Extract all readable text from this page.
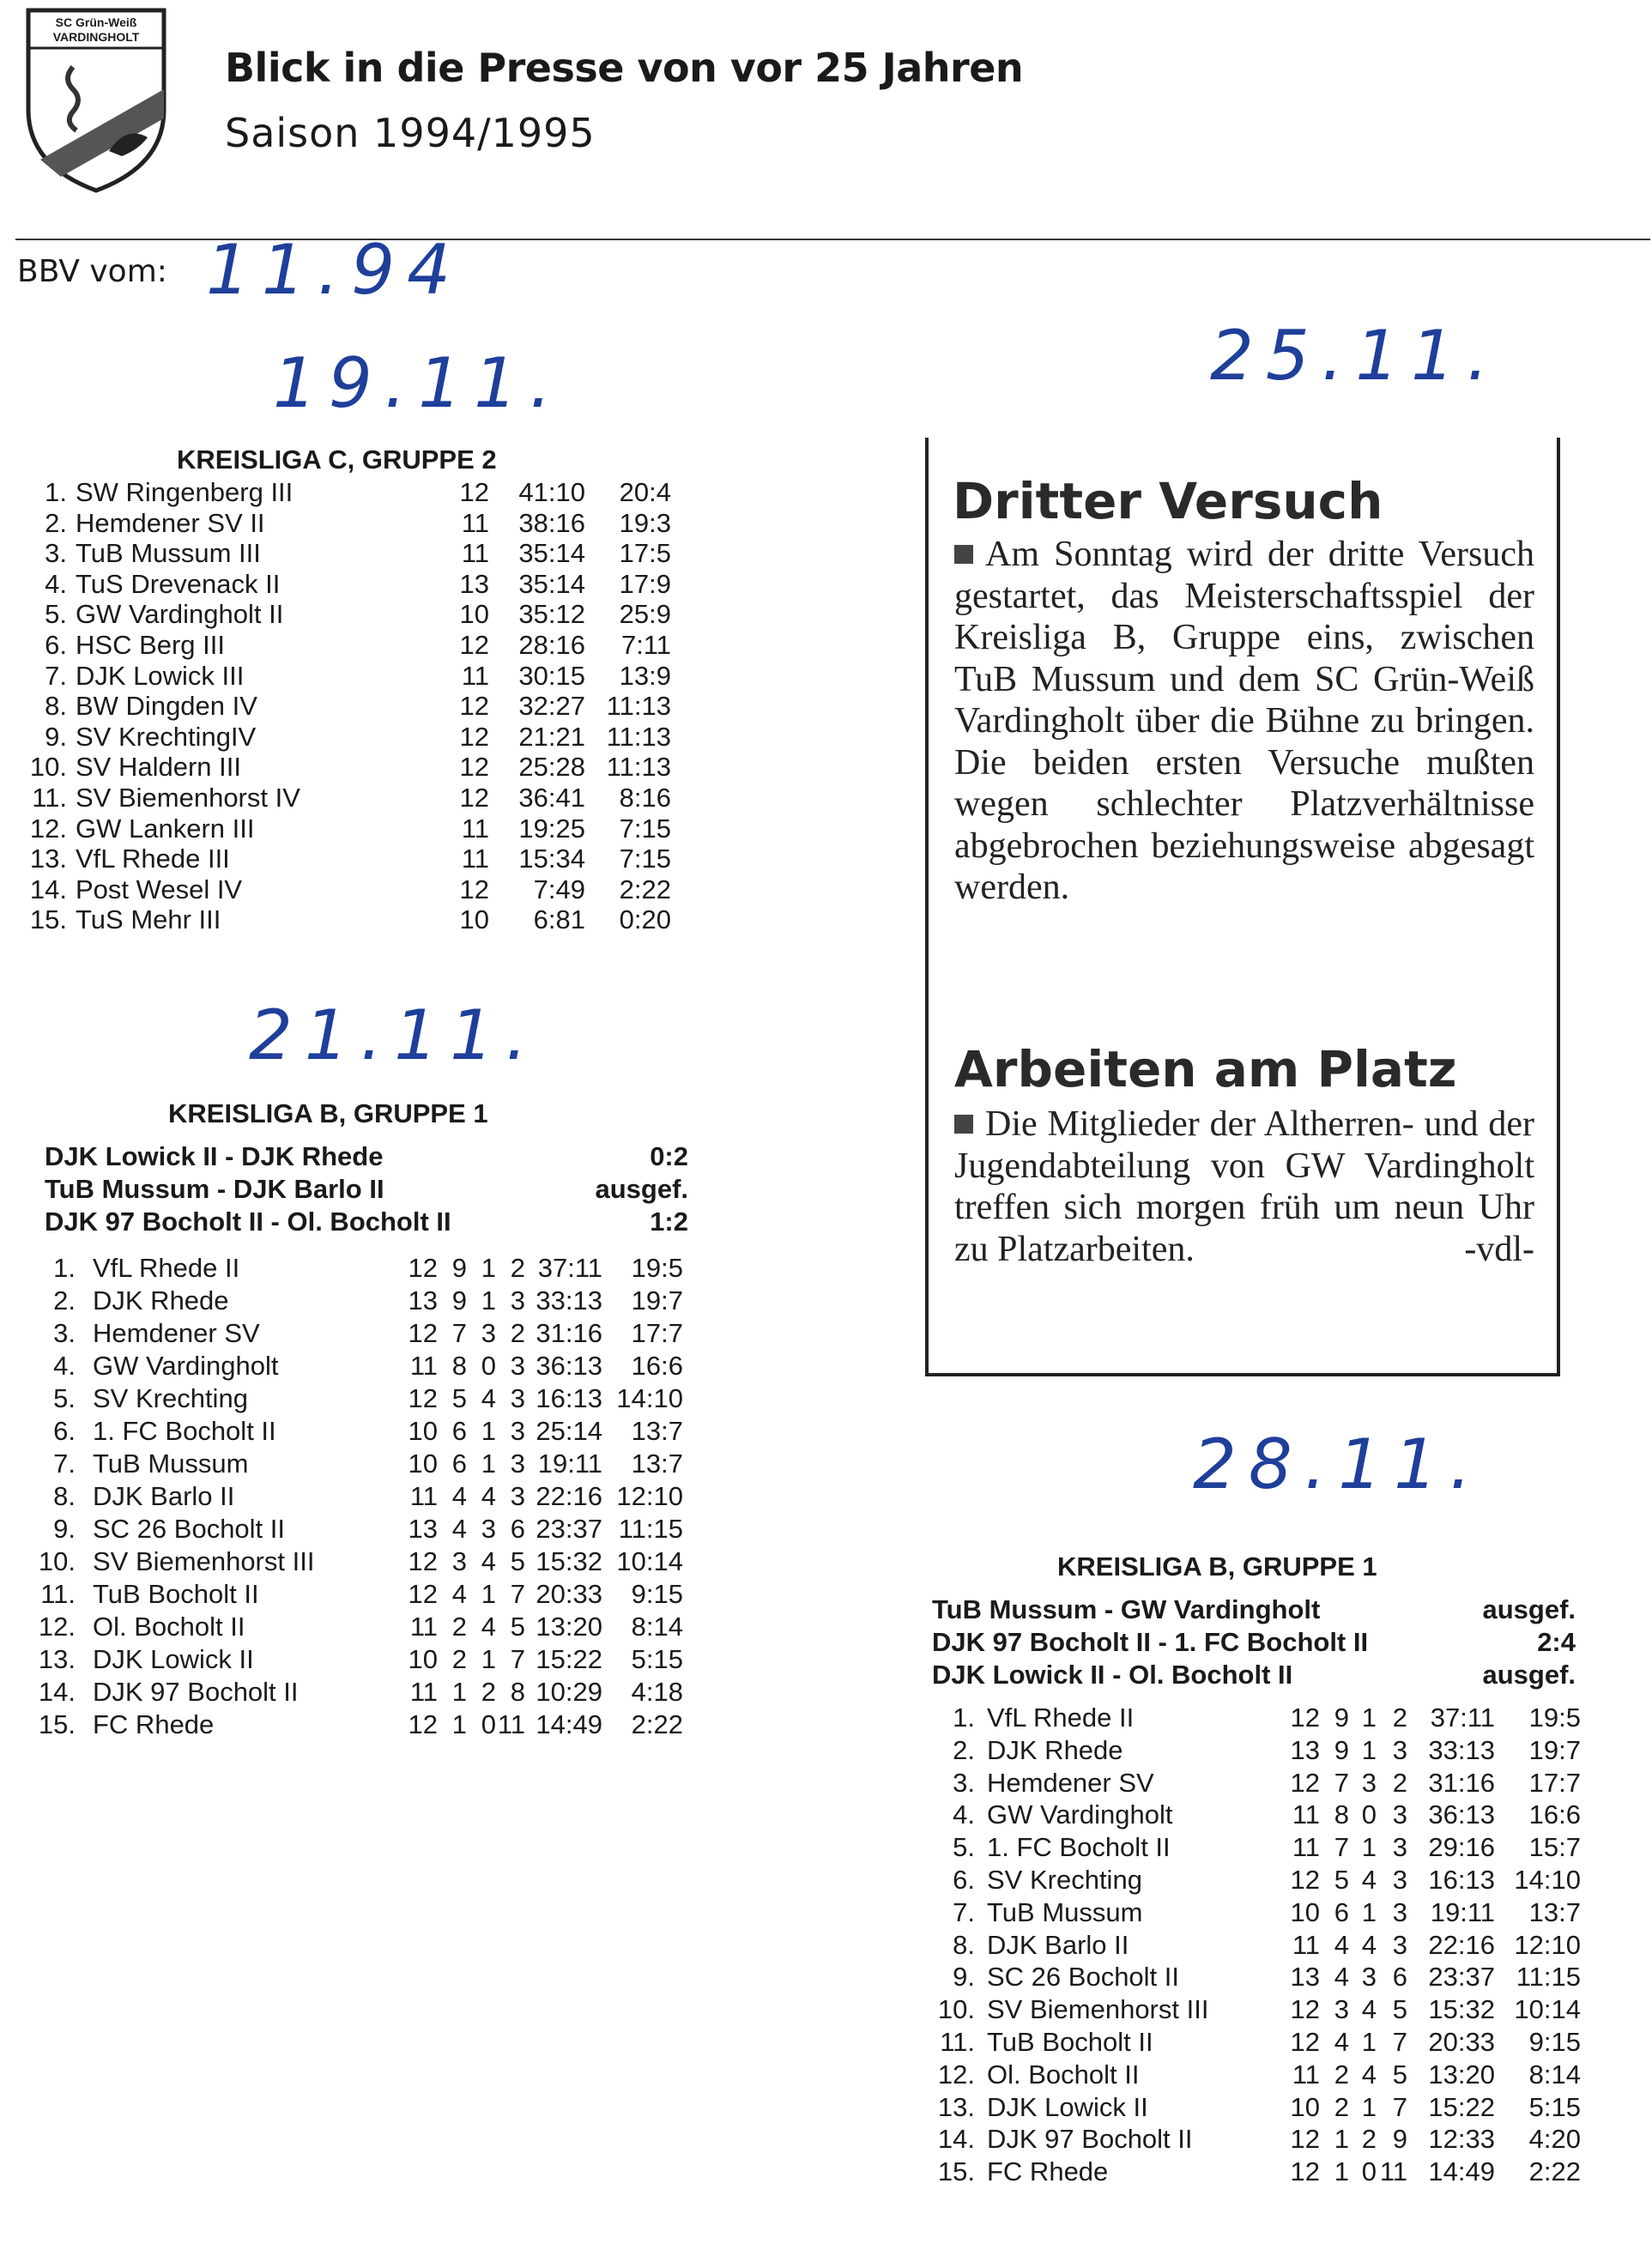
SC Grün-Weiß
VARDINGHOLT
Blick in die Presse von vor 25 Jahren
Saison 1994/1995
BBV vom: 11.94
19.11.	25.11.
21.11.
28.11.
KREISLIGA C, GRUPPE 2
1. SW Ringenberg III	12 41:10 20:4
2. Hemdener SV II	11 38:16 19:3
3. TuB Mussum III	11 35:14 17:5
4. TuS Drevenack II	13 35:14 17:9
5. GW Vardingholt II	10 35:12 25:9
6. HSC Berg III	12 28:16 7:11
7. DJK Lowick III	11 30:15 13:9
8. BW Dingden IV	12 32:27 11:13
9. SV KrechtingIV	12 21:21 11:13
10. SV Haldern III	12 25:28 11:13
11. SV Biemenhorst IV	12 36:41 8:16
12. GW Lankern III	11 19:25 7:15
13. VfL Rhede III	11 15:34 7:15
14. Post Wesel IV	12 7:49 2:22
15. TuS Mehr III	10 6:81 0:20
KREISLIGA B, GRUPPE 1
DJK Lowick II - DJK Rhede	0:2
TuB Mussum - DJK Barlo II	ausgef.
DJK 97 Bocholt II - Ol. Bocholt II	1:2
1. VfL Rhede II	12 9 1 2 37:11 19:5
2. DJK Rhede	13 9 1 3 33:13 19:7
3. Hemdener SV	12 7 3 2 31:16 17:7
4. GW Vardingholt	11 8 0 3 36:13 16:6
5. SV Krechting	12 5 4 3 16:13 14:10
6. 1. FC Bocholt II	10 6 1 3 25:14 13:7
7. TuB Mussum	10 6 1 3 19:11 13:7
8. DJK Barlo II	11 4 4 3 22:16 12:10
9. SC 26 Bocholt II	13 4 3 6 23:37 11:15
10. SV Biemenhorst III	12 3 4 5 15:32 10:14
11. TuB Bocholt II	12 4 1 7 20:33 9:15
12. Ol. Bocholt II	11 2 4 5 13:20 8:14
13. DJK Lowick II	10 2 1 7 15:22 5:15
14. DJK 97 Bocholt II	11 1 2 8 10:29 4:18
15. FC Rhede	12 1 0 11 14:49 2:22
Dritter Versuch
Am Sonntag wird der dritte Versuch gestartet, das Meisterschaftsspiel der Kreisliga B, Gruppe eins, zwischen TuB Mussum und dem SC Grün-Weiß Vardingholt über die Bühne zu bringen. Die beiden ersten Versuche mußten wegen schlechter Platzverhältnisse abgebrochen beziehungsweise abgesagt werden.
Arbeiten am Platz
Die Mitglieder der Altherren- und der Jugendabteilung von GW Vardingholt treffen sich morgen früh um neun Uhr zu Platzarbeiten.	-vdl-
KREISLIGA B, GRUPPE 1
TuB Mussum - GW Vardingholt	ausgef.
DJK 97 Bocholt II - 1. FC Bocholt II	2:4
DJK Lowick II - Ol. Bocholt II	ausgef.
1. VfL Rhede II	12 9 1 2 37:11 19:5
2. DJK Rhede	13 9 1 3 33:13 19:7
3. Hemdener SV	12 7 3 2 31:16 17:7
4. GW Vardingholt	11 8 0 3 36:13 16:6
5. 1. FC Bocholt II	11 7 1 3 29:16 15:7
6. SV Krechting	12 5 4 3 16:13 14:10
7. TuB Mussum	10 6 1 3 19:11 13:7
8. DJK Barlo II	11 4 4 3 22:16 12:10
9. SC 26 Bocholt II	13 4 3 6 23:37 11:15
10. SV Biemenhorst III	12 3 4 5 15:32 10:14
11. TuB Bocholt II	12 4 1 7 20:33 9:15
12. Ol. Bocholt II	11 2 4 5 13:20 8:14
13. DJK Lowick II	10 2 1 7 15:22 5:15
14. DJK 97 Bocholt II	12 1 2 9 12:33 4:20
15. FC Rhede	12 1 0 11 14:49 2:22
